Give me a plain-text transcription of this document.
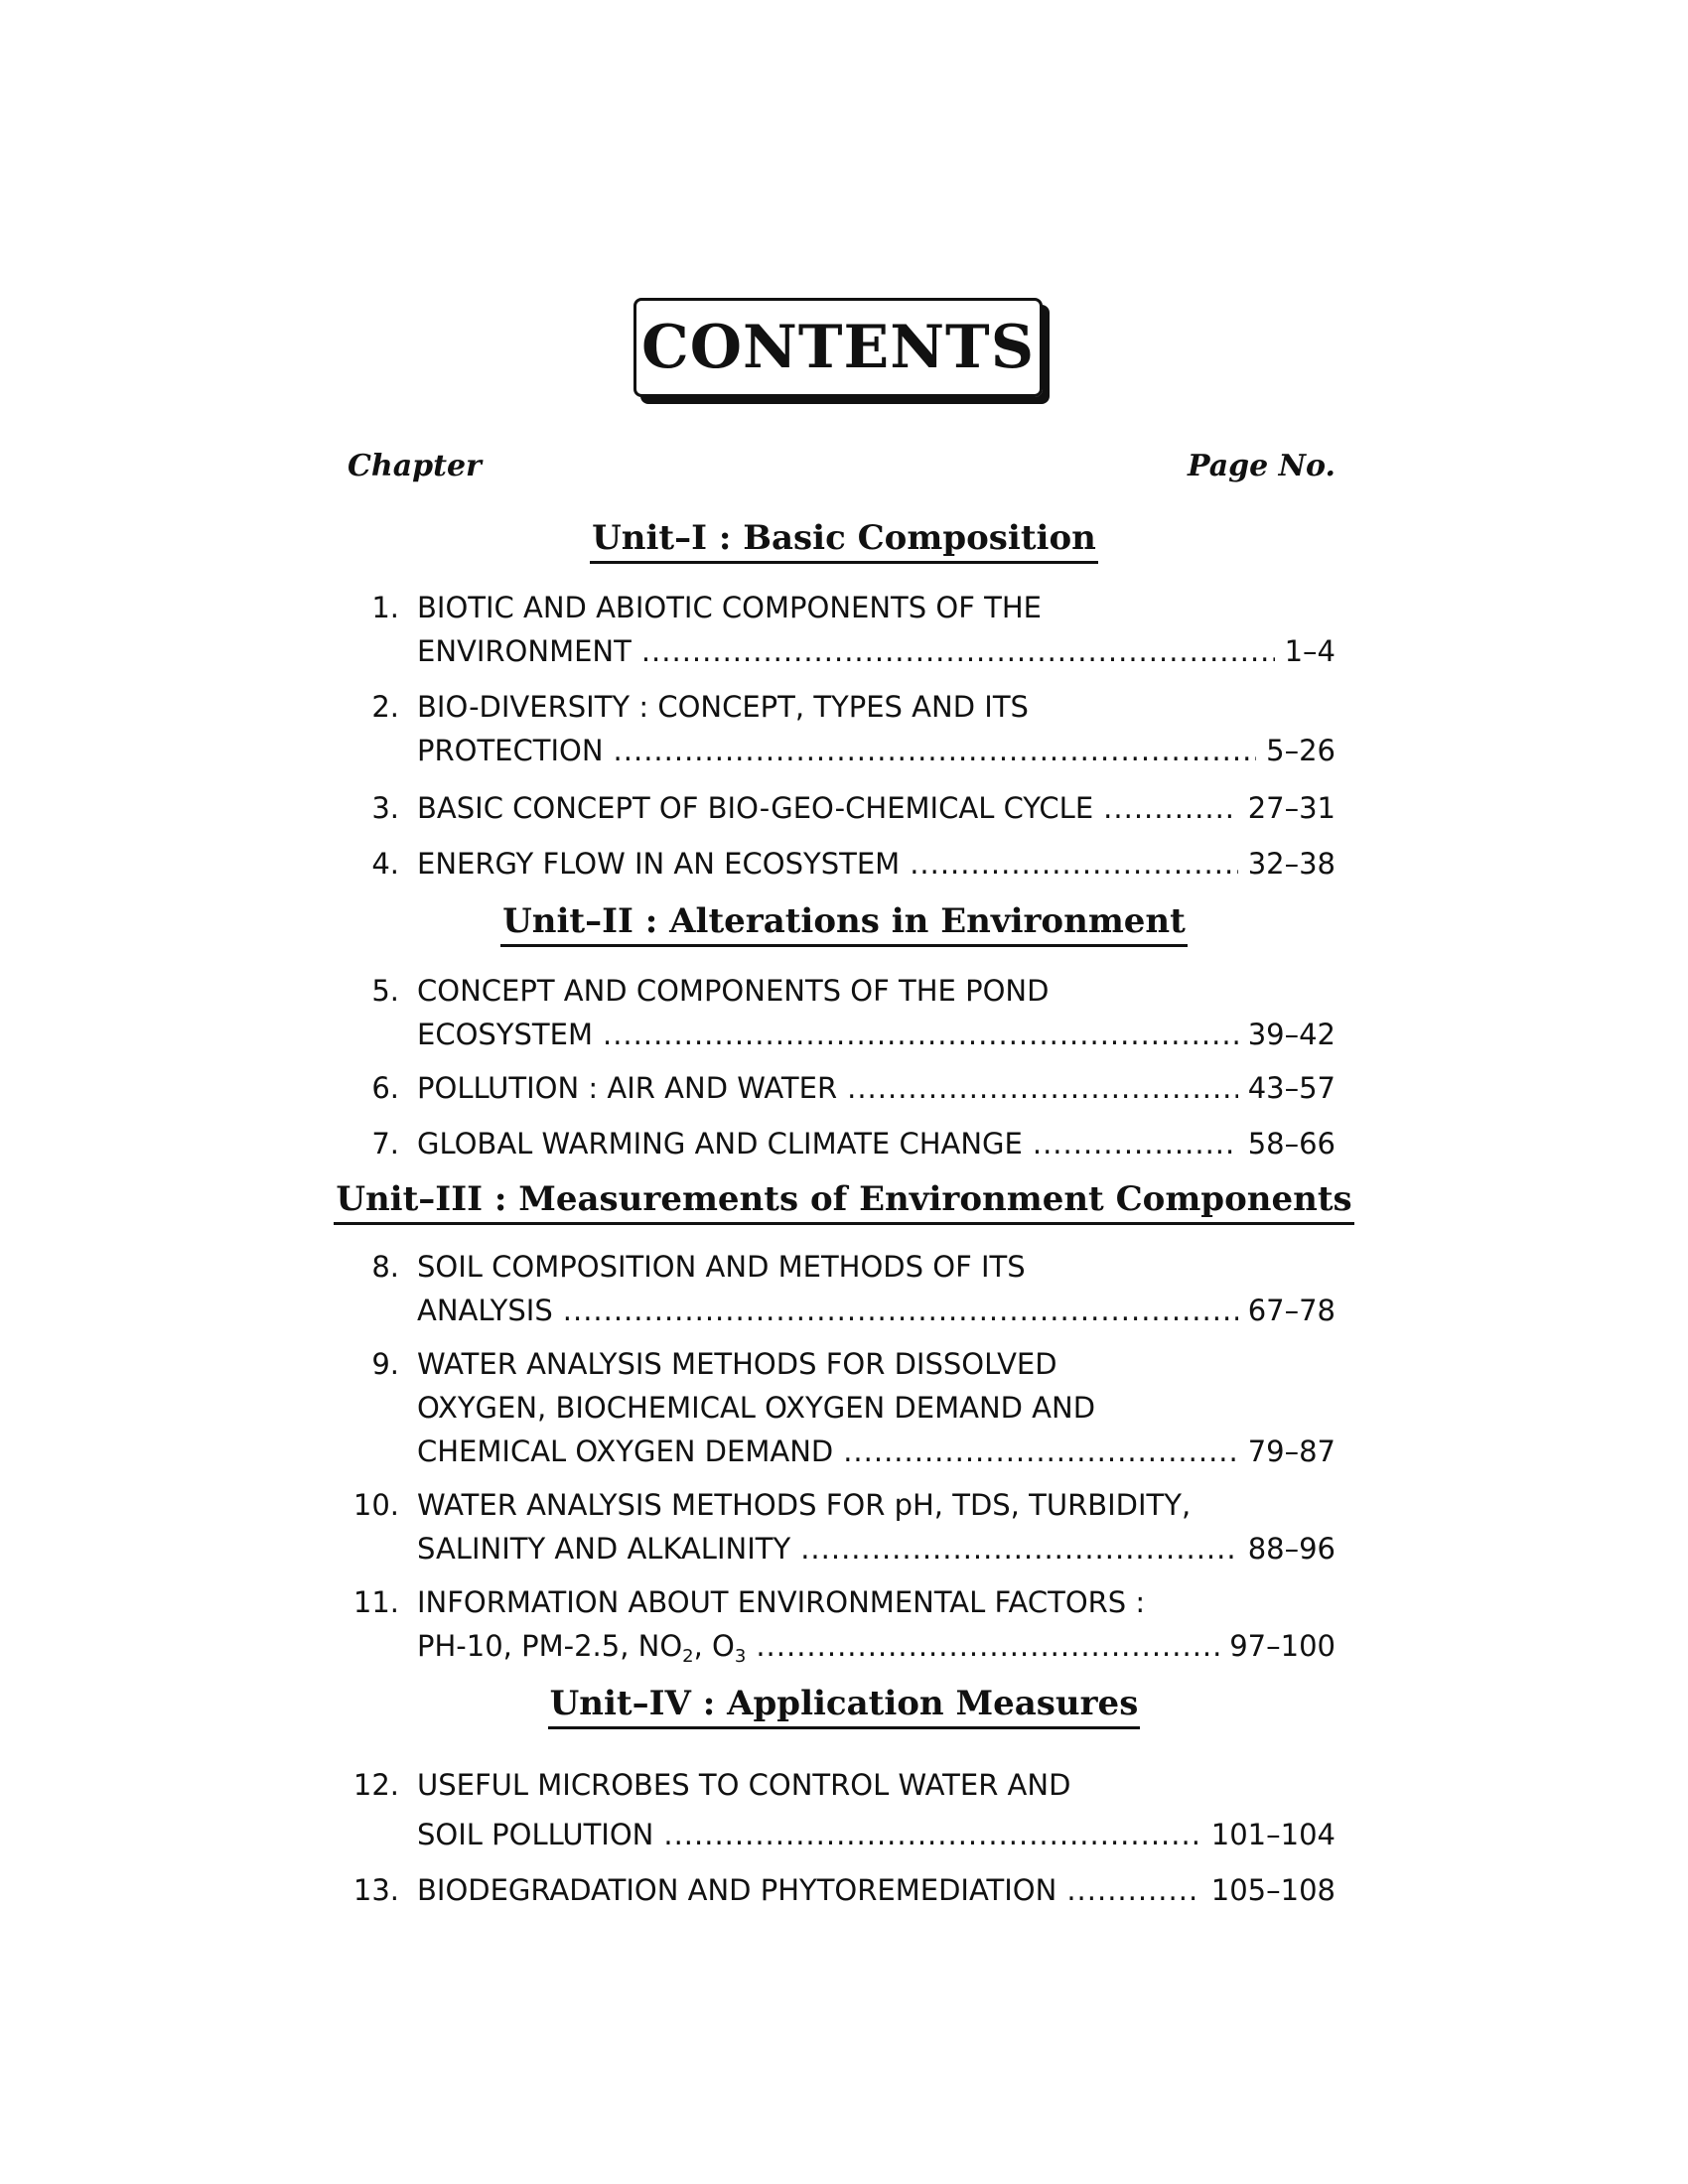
CONTENTS
Chapter	Page No.
Unit–I : Basic Composition
1. BIOTIC AND ABIOTIC COMPONENTS OF THE
ENVIRONMENT .....	1–4
2. BIO-DIVERSITY : CONCEPT, TYPES AND ITS
PROTECTION .....	5–26
3. BASIC CONCEPT OF BIO-GEO-CHEMICAL CYCLE .....	27–31
4. ENERGY FLOW IN AN ECOSYSTEM .....	32–38
Unit–II : Alterations in Environment
5. CONCEPT AND COMPONENTS OF THE POND
ECOSYSTEM .....	39–42
6. POLLUTION : AIR AND WATER .....	43–57
7. GLOBAL WARMING AND CLIMATE CHANGE .....	58–66
Unit–III : Measurements of Environment Components
8. SOIL COMPOSITION AND METHODS OF ITS
ANALYSIS .....	67–78
9. WATER ANALYSIS METHODS FOR DISSOLVED
OXYGEN, BIOCHEMICAL OXYGEN DEMAND AND
CHEMICAL OXYGEN DEMAND .....	79–87
10. WATER ANALYSIS METHODS FOR pH, TDS, TURBIDITY,
SALINITY AND ALKALINITY .....	88–96
11. INFORMATION ABOUT ENVIRONMENTAL FACTORS :
PH-10, PM-2.5, $NO_2$, $O_3$ .....	97–100
Unit–IV : Application Measures
12. USEFUL MICROBES TO CONTROL WATER AND
SOIL POLLUTION .....	101–104
13. BIODEGRADATION AND PHYTOREMEDIATION .....	105–108
